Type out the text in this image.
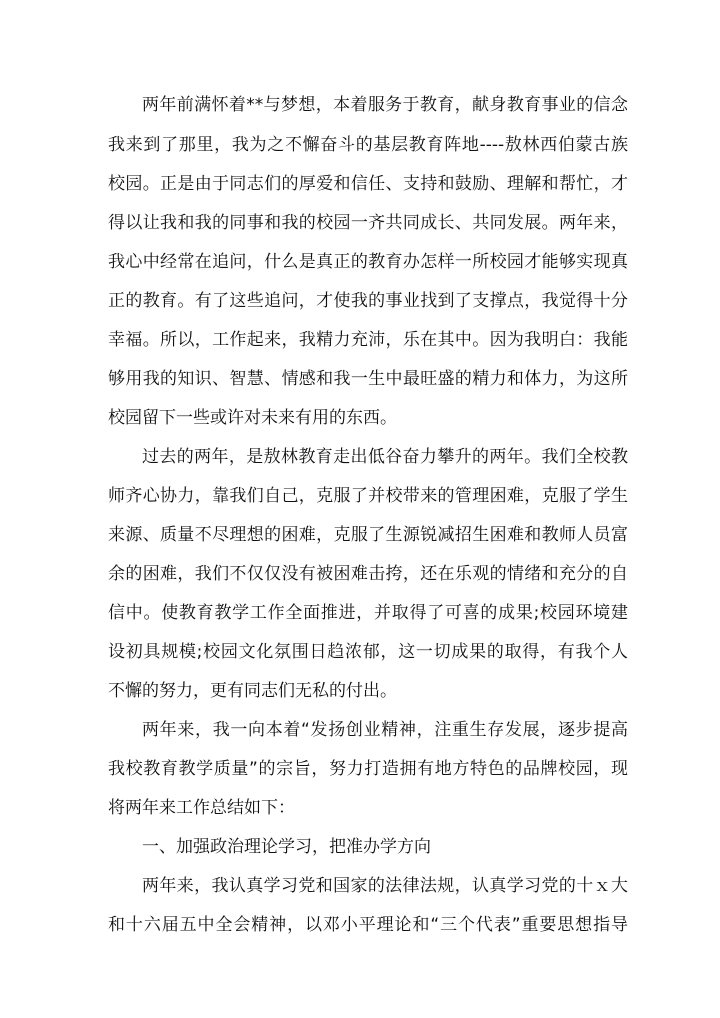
两年前满怀着**与梦想，本着服务于教育，献身教育事业的信念
我来到了那里，我为之不懈奋斗的基层教育阵地----敖林西伯蒙古族
校园。正是由于同志们的厚爱和信任、支持和鼓励、理解和帮忙，才
得以让我和我的同事和我的校园一齐共同成长、共同发展。两年来，
我心中经常在追问，什么是真正的教育办怎样一所校园才能够实现真
正的教育。有了这些追问，才使我的事业找到了支撑点，我觉得十分
幸福。所以，工作起来，我精力充沛，乐在其中。因为我明白：我能
够用我的知识、智慧、情感和我一生中最旺盛的精力和体力，为这所
校园留下一些或许对未来有用的东西。
过去的两年，是敖林教育走出低谷奋力攀升的两年。我们全校教
师齐心协力，靠我们自己，克服了并校带来的管理困难，克服了学生
来源、质量不尽理想的困难，克服了生源锐减招生困难和教师人员富
余的困难，我们不仅仅没有被困难击挎，还在乐观的情绪和充分的自
信中。使教育教学工作全面推进，并取得了可喜的成果;校园环境建
设初具规模;校园文化氛围日趋浓郁，这一切成果的取得，有我个人
不懈的努力，更有同志们无私的付出。
两年来，我一向本着“发扬创业精神，注重生存发展，逐步提高
我校教育教学质量”的宗旨，努力打造拥有地方特色的品牌校园，现
将两年来工作总结如下：
一、加强政治理论学习，把准办学方向
两年来，我认真学习党和国家的法律法规，认真学习党的十ｘ大
和十六届五中全会精神，以邓小平理论和“三个代表”重要思想指导
